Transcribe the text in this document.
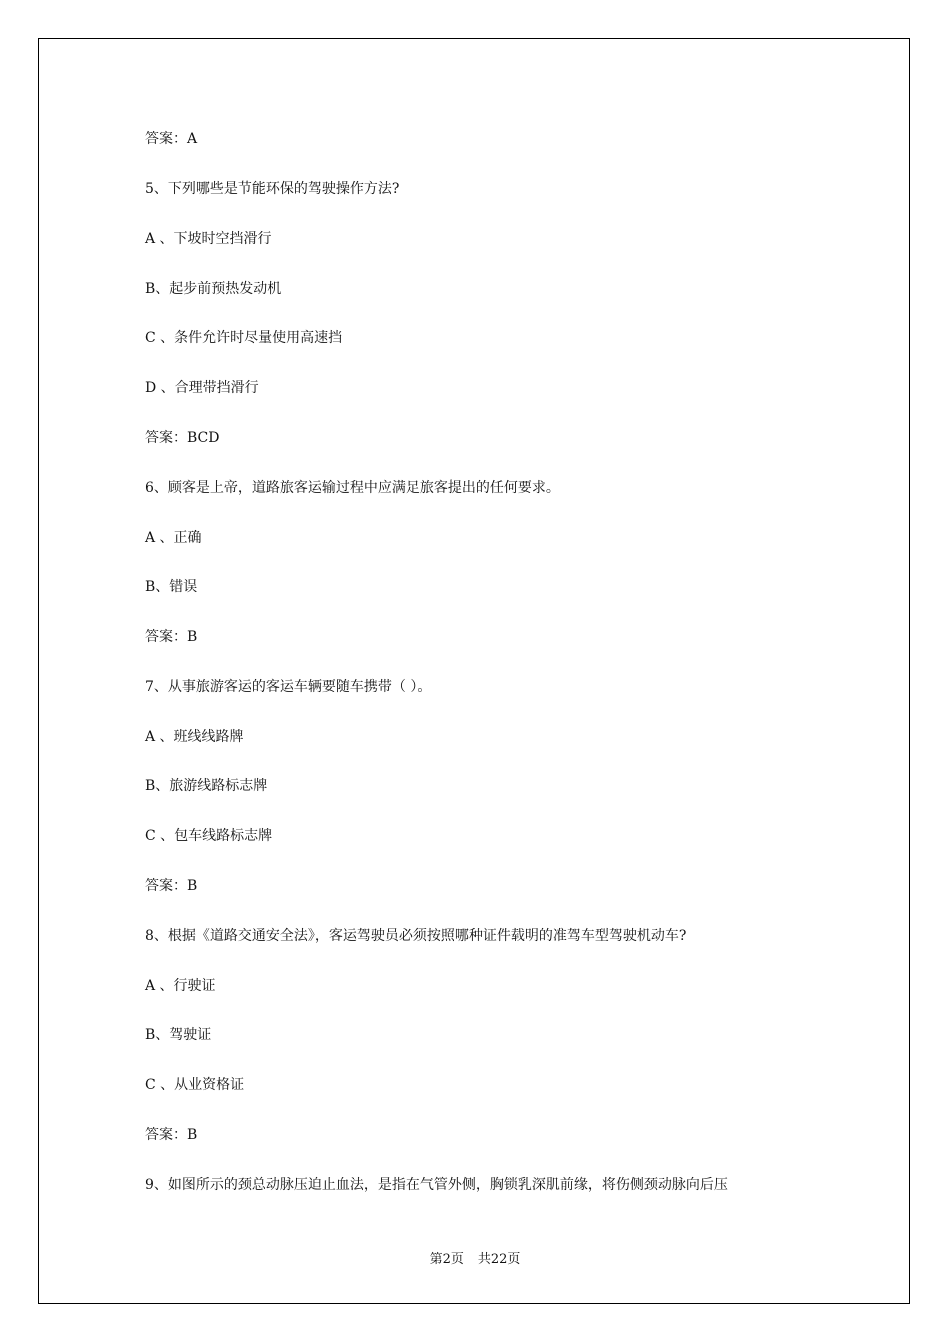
答案：A

5、下列哪些是节能环保的驾驶操作方法?

A 、下坡时空挡滑行

B、起步前预热发动机

C 、条件允许时尽量使用高速挡

D 、合理带挡滑行

答案：BCD

6、顾客是上帝，道路旅客运输过程中应满足旅客提出的任何要求。

A 、正确

B、错误

答案：B

7、从事旅游客运的客运车辆要随车携带（ ）。

A 、班线线路牌

B、旅游线路标志牌

C 、包车线路标志牌

答案：B

8、根据《道路交通安全法》，客运驾驶员必须按照哪种证件载明的准驾车型驾驶机动车?

A 、行驶证

B、驾驶证

C 、从业资格证

答案：B

9、如图所示的颈总动脉压迫止血法，是指在气管外侧，胸锁乳深肌前缘，将伤侧颈动脉向后压

第2页 共22页
